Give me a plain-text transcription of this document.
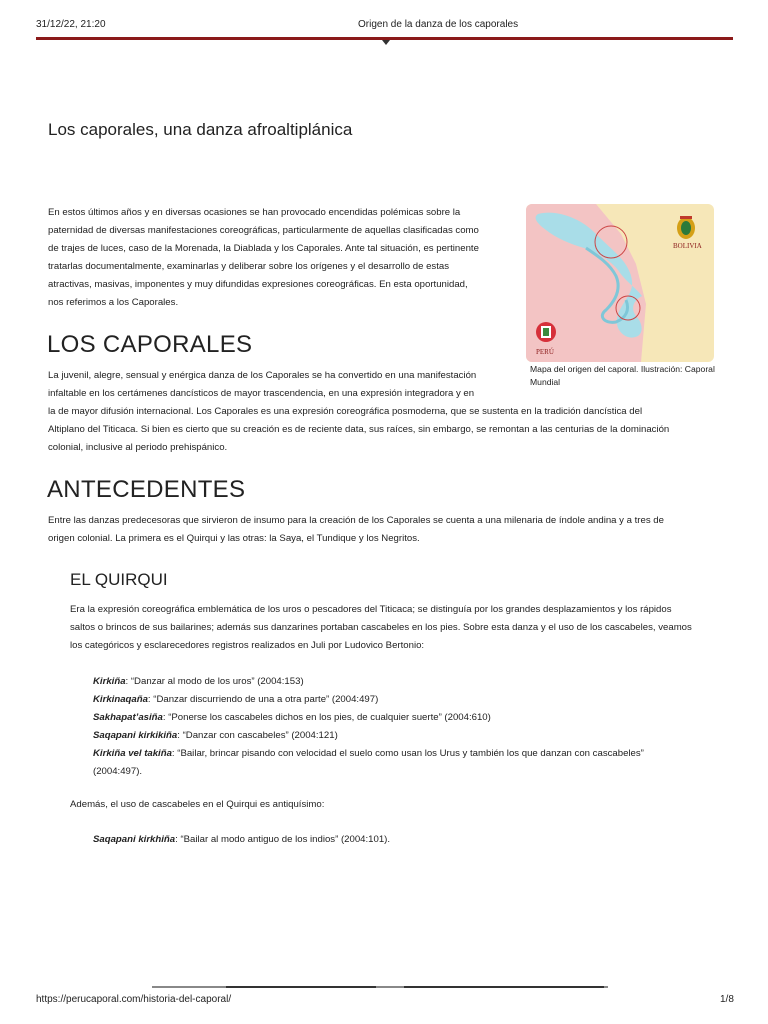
31/12/22, 21:20	Origen de la danza de los caporales
Los caporales, una danza afroaltiplánica
En estos últimos años y en diversas ocasiones se han provocado encendidas polémicas sobre la
paternidad de diversas manifestaciones coreográficas, particularmente de aquellas clasificadas como
de trajes de luces, caso de la Morenada, la Diablada y los Caporales. Ante tal situación, es pertinente
tratarlas documentalmente, examinarlas y deliberar sobre los orígenes y el desarrollo de estas
atractivas, masivas, imponentes y muy difundidas expresiones coreográficas. En esta oportunidad,
nos referimos a los Caporales.
BOLIVIA
PERÚ
Mapa del origen del caporal. Ilustración: Caporal
Mundial
LOS CAPORALES
La juvenil, alegre, sensual y enérgica danza de los Caporales se ha convertido en una manifestación
infaltable en los certámenes dancísticos de mayor trascendencia, en una expresión integradora y en
la de mayor difusión internacional. Los Caporales es una expresión coreográfica posmoderna, que se sustenta en la tradición dancística del
Altiplano del Titicaca. Si bien es cierto que su creación es de reciente data, sus raíces, sin embargo, se remontan a las centurias de la dominación
colonial, inclusive al periodo prehispánico.
ANTECEDENTES
Entre las danzas predecesoras que sirvieron de insumo para la creación de los Caporales se cuenta a una milenaria de índole andina y a tres de
origen colonial. La primera es el Quirqui y las otras: la Saya, el Tundique y los Negritos.
EL QUIRQUI
Era la expresión coreográfica emblemática de los uros o pescadores del Titicaca; se distinguía por los grandes desplazamientos y los rápidos
saltos o brincos de sus bailarines; además sus danzarines portaban cascabeles en los pies. Sobre esta danza y el uso de los cascabeles, veamos
los categóricos y esclarecedores registros realizados en Juli por Ludovico Bertonio:
Kirkiña: “Danzar al modo de los uros” (2004:153)
Kirkinaqaña: “Danzar discurriendo de una a otra parte” (2004:497)
Sakhapat’asiña: “Ponerse los cascabeles dichos en los pies, de cualquier suerte” (2004:610)
Saqapani kirkikiña: “Danzar con cascabeles” (2004:121)
Kirkiña vel takiña: “Bailar, brincar pisando con velocidad el suelo como usan los Urus y también los que danzan con cascabeles”
(2004:497).
Además, el uso de cascabeles en el Quirqui es antiquísimo:
Saqapani kirkhiña: “Bailar al modo antiguo de los indios” (2004:101).
https://perucaporal.com/historia-del-caporal/	1/8
